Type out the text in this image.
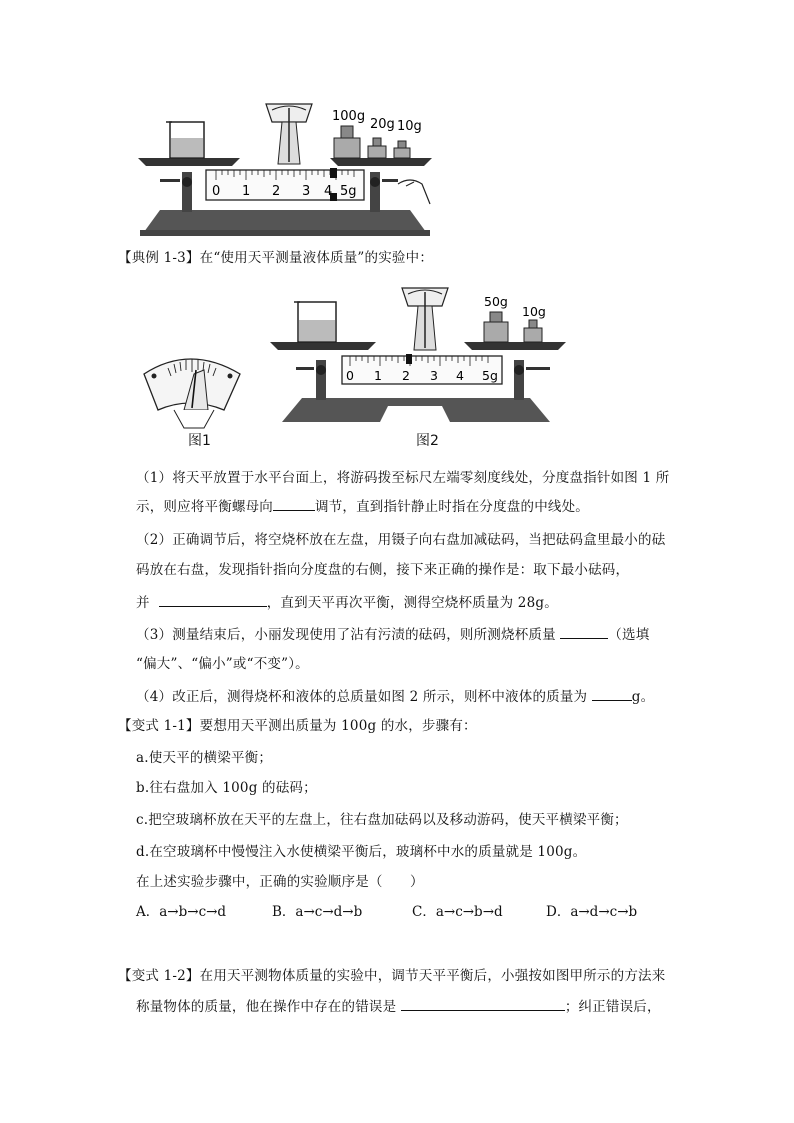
0 1 2 3 4 5g
100g
20g 10g
【典例 1-3】在“使用天平测量液体质量”的实验中：
图1
0 1 2 3 4 5g
50g
10g
图2
（1）将天平放置于水平台面上，将游码拨至标尺左端零刻度线处，分度盘指针如图 1 所
示，则应将平衡螺母向	调节，直到指针静止时指在分度盘的中线处。
（2）正确调节后，将空烧杯放在左盘，用镊子向右盘加减砝码，当把砝码盒里最小的砝
码放在右盘，发现指针指向分度盘的右侧，接下来正确的操作是：取下最小砝码，
并	，直到天平再次平衡，测得空烧杯质量为 28g。
（3）测量结束后，小丽发现使用了沾有污渍的砝码，则所测烧杯质量	（选填
“偏大”、“偏小”或“不变”）。
（4）改正后，测得烧杯和液体的总质量如图 2 所示，则杯中液体的质量为	g。
【变式 1-1】要想用天平测出质量为 100g 的水，步骤有：
a.使天平的横梁平衡；
b.往右盘加入 100g 的砝码；
c.把空玻璃杯放在天平的左盘上，往右盘加砝码以及移动游码，使天平横梁平衡；
d.在空玻璃杯中慢慢注入水使横梁平衡后，玻璃杯中水的质量就是 100g。
在上述实验步骤中，正确的实验顺序是（　　）
A．a→b→c→d	B．a→c→d→b	C．a→c→b→d	D．a→d→c→b
【变式 1-2】在用天平测物体质量的实验中，调节天平平衡后，小强按如图甲所示的方法来
称量物体的质量，他在操作中存在的错误是	；纠正错误后，
